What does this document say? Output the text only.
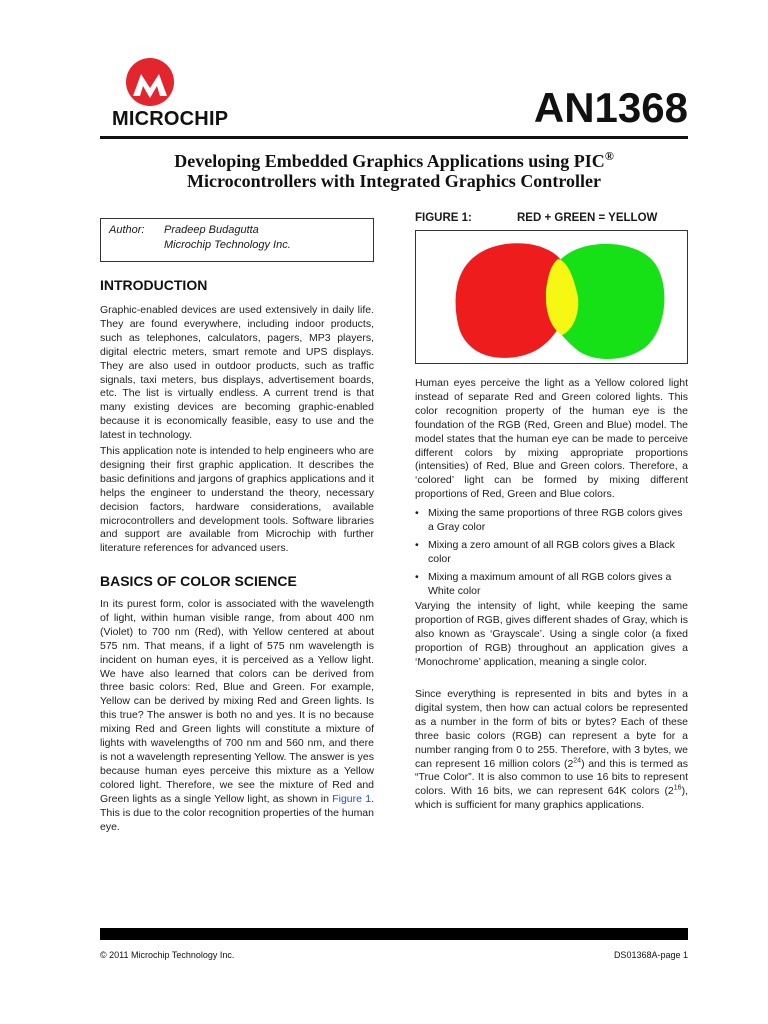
MICROCHIP	AN1368
Developing Embedded Graphics Applications using PIC®
Microcontrollers with Integrated Graphics Controller
Author: Pradeep Budagutta
Microchip Technology Inc.
INTRODUCTION
Graphic-enabled devices are used extensively in daily life. They are found everywhere, including indoor products, such as telephones, calculators, pagers, MP3 players, digital electric meters, smart remote and UPS displays. They are also used in outdoor products, such as traffic signals, taxi meters, bus displays, advertisement boards, etc. The list is virtually endless. A current trend is that many existing devices are becoming graphic-enabled because it is economically feasible, easy to use and the latest in technology.
This application note is intended to help engineers who are designing their first graphic application. It describes the basic definitions and jargons of graphics applications and it helps the engineer to understand the theory, necessary decision factors, hardware considerations, available microcontrollers and development tools. Software libraries and support are available from Microchip with further literature references for advanced users.
BASICS OF COLOR SCIENCE
In its purest form, color is associated with the wavelength of light, within human visible range, from about 400 nm (Violet) to 700 nm (Red), with Yellow centered at about 575 nm. That means, if a light of 575 nm wavelength is incident on human eyes, it is perceived as a Yellow light. We have also learned that colors can be derived from three basic colors: Red, Blue and Green. For example, Yellow can be derived by mixing Red and Green lights. Is this true? The answer is both no and yes. It is no because mixing Red and Green lights will constitute a mixture of lights with wavelengths of 700 nm and 560 nm, and there is not a wavelength representing Yellow. The answer is yes because human eyes perceive this mixture as a Yellow colored light. Therefore, we see the mixture of Red and Green lights as a single Yellow light, as shown in Figure 1. This is due to the color recognition properties of the human eye.
FIGURE 1:	RED + GREEN = YELLOW
Human eyes perceive the light as a Yellow colored light instead of separate Red and Green colored lights. This color recognition property of the human eye is the foundation of the RGB (Red, Green and Blue) model. The model states that the human eye can be made to perceive different colors by mixing appropriate proportions (intensities) of Red, Blue and Green colors. Therefore, a ‘colored’ light can be formed by mixing different proportions of Red, Green and Blue colors.
• Mixing the same proportions of three RGB colors gives a Gray color
• Mixing a zero amount of all RGB colors gives a Black color
• Mixing a maximum amount of all RGB colors gives a White color
Varying the intensity of light, while keeping the same proportion of RGB, gives different shades of Gray, which is also known as ‘Grayscale’. Using a single color (a fixed proportion of RGB) throughout an application gives a ‘Monochrome’ application, meaning a single color.
Since everything is represented in bits and bytes in a digital system, then how can actual colors be represented as a number in the form of bits or bytes? Each of these three basic colors (RGB) can represent a byte for a number ranging from 0 to 255. Therefore, with 3 bytes, we can represent 16 million colors $(2^{24})$ and this is termed as “True Color”. It is also common to use 16 bits to represent colors. With 16 bits, we can represent 64K colors $(2^{16})$, which is sufficient for many graphics applications.
© 2011 Microchip Technology Inc.	DS01368A-page 1
